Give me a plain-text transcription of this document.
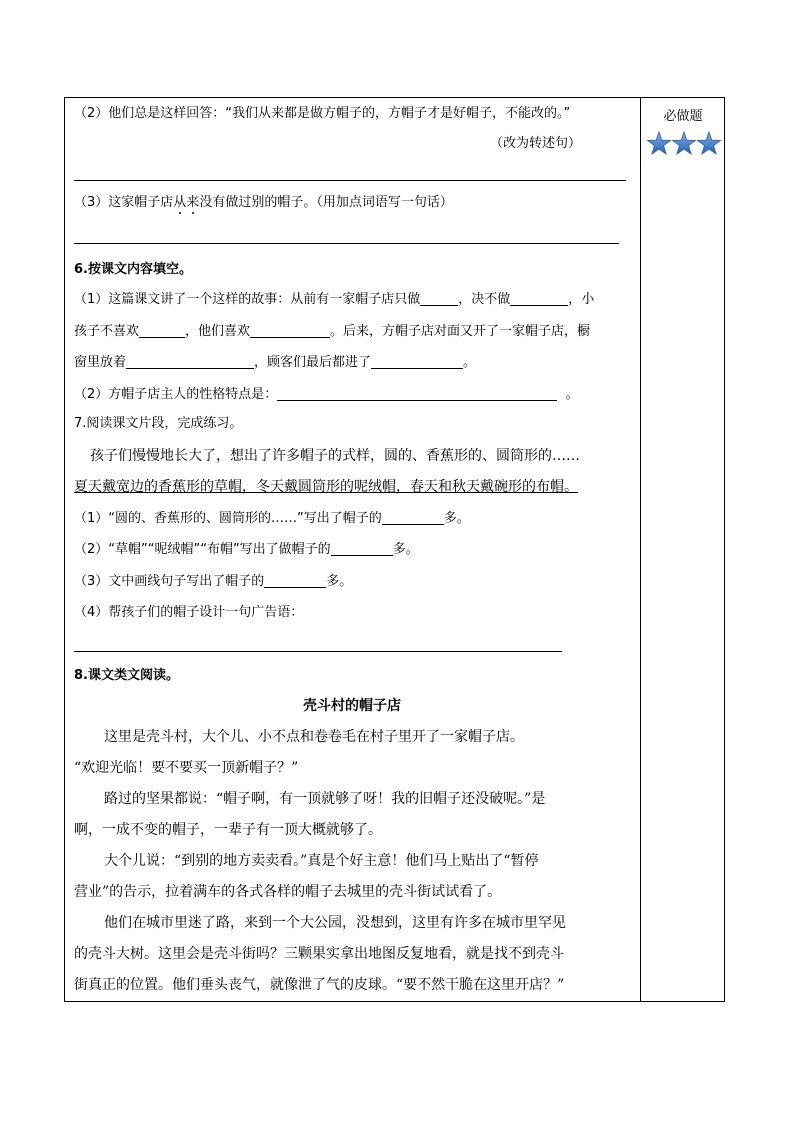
必做题
（2）他们总是这样回答：“我们从来都是做方帽子的，方帽子才是好帽子，不能改的。”
（改为转述句）
（3）这家帽子店从来没有做过别的帽子。（用加点词语写一句话）
6.按课文内容填空。
（1）这篇课文讲了一个这样的故事：从前有一家帽子店只做	，决不做	，小
孩子不喜欢	，他们喜欢	。后来，方帽子店对面又开了一家帽子店，橱
窗里放着	，顾客们最后都进了	。
（2）方帽子店主人的性格特点是：	。
7.阅读课文片段，完成练习。
孩子们慢慢地长大了，想出了许多帽子的式样，圆的、香蕉形的、圆筒形的……
夏天戴宽边的香蕉形的草帽，冬天戴圆筒形的呢绒帽，春天和秋天戴碗形的布帽。
（1）“圆的、香蕉形的、圆筒形的……”写出了帽子的	多。
（2）“草帽”“呢绒帽”“布帽”写出了做帽子的	多。
（3）文中画线句子写出了帽子的	多。
（4）帮孩子们的帽子设计一句广告语：
8.课文类文阅读。
壳斗村的帽子店
这里是壳斗村，大个儿、小不点和卷卷毛在村子里开了一家帽子店。
“欢迎光临！要不要买一顶新帽子？”
路过的坚果都说：“帽子啊，有一顶就够了呀！我的旧帽子还没破呢。”是
啊，一成不变的帽子，一辈子有一顶大概就够了。
大个儿说：“到别的地方卖卖看。”真是个好主意！他们马上贴出了“暂停
营业”的告示，拉着满车的各式各样的帽子去城里的壳斗街试试看了。
他们在城市里迷了路，来到一个大公园，没想到，这里有许多在城市里罕见
的壳斗大树。这里会是壳斗街吗？三颗果实拿出地图反复地看，就是找不到壳斗
街真正的位置。他们垂头丧气，就像泄了气的皮球。“要不然干脆在这里开店？”
